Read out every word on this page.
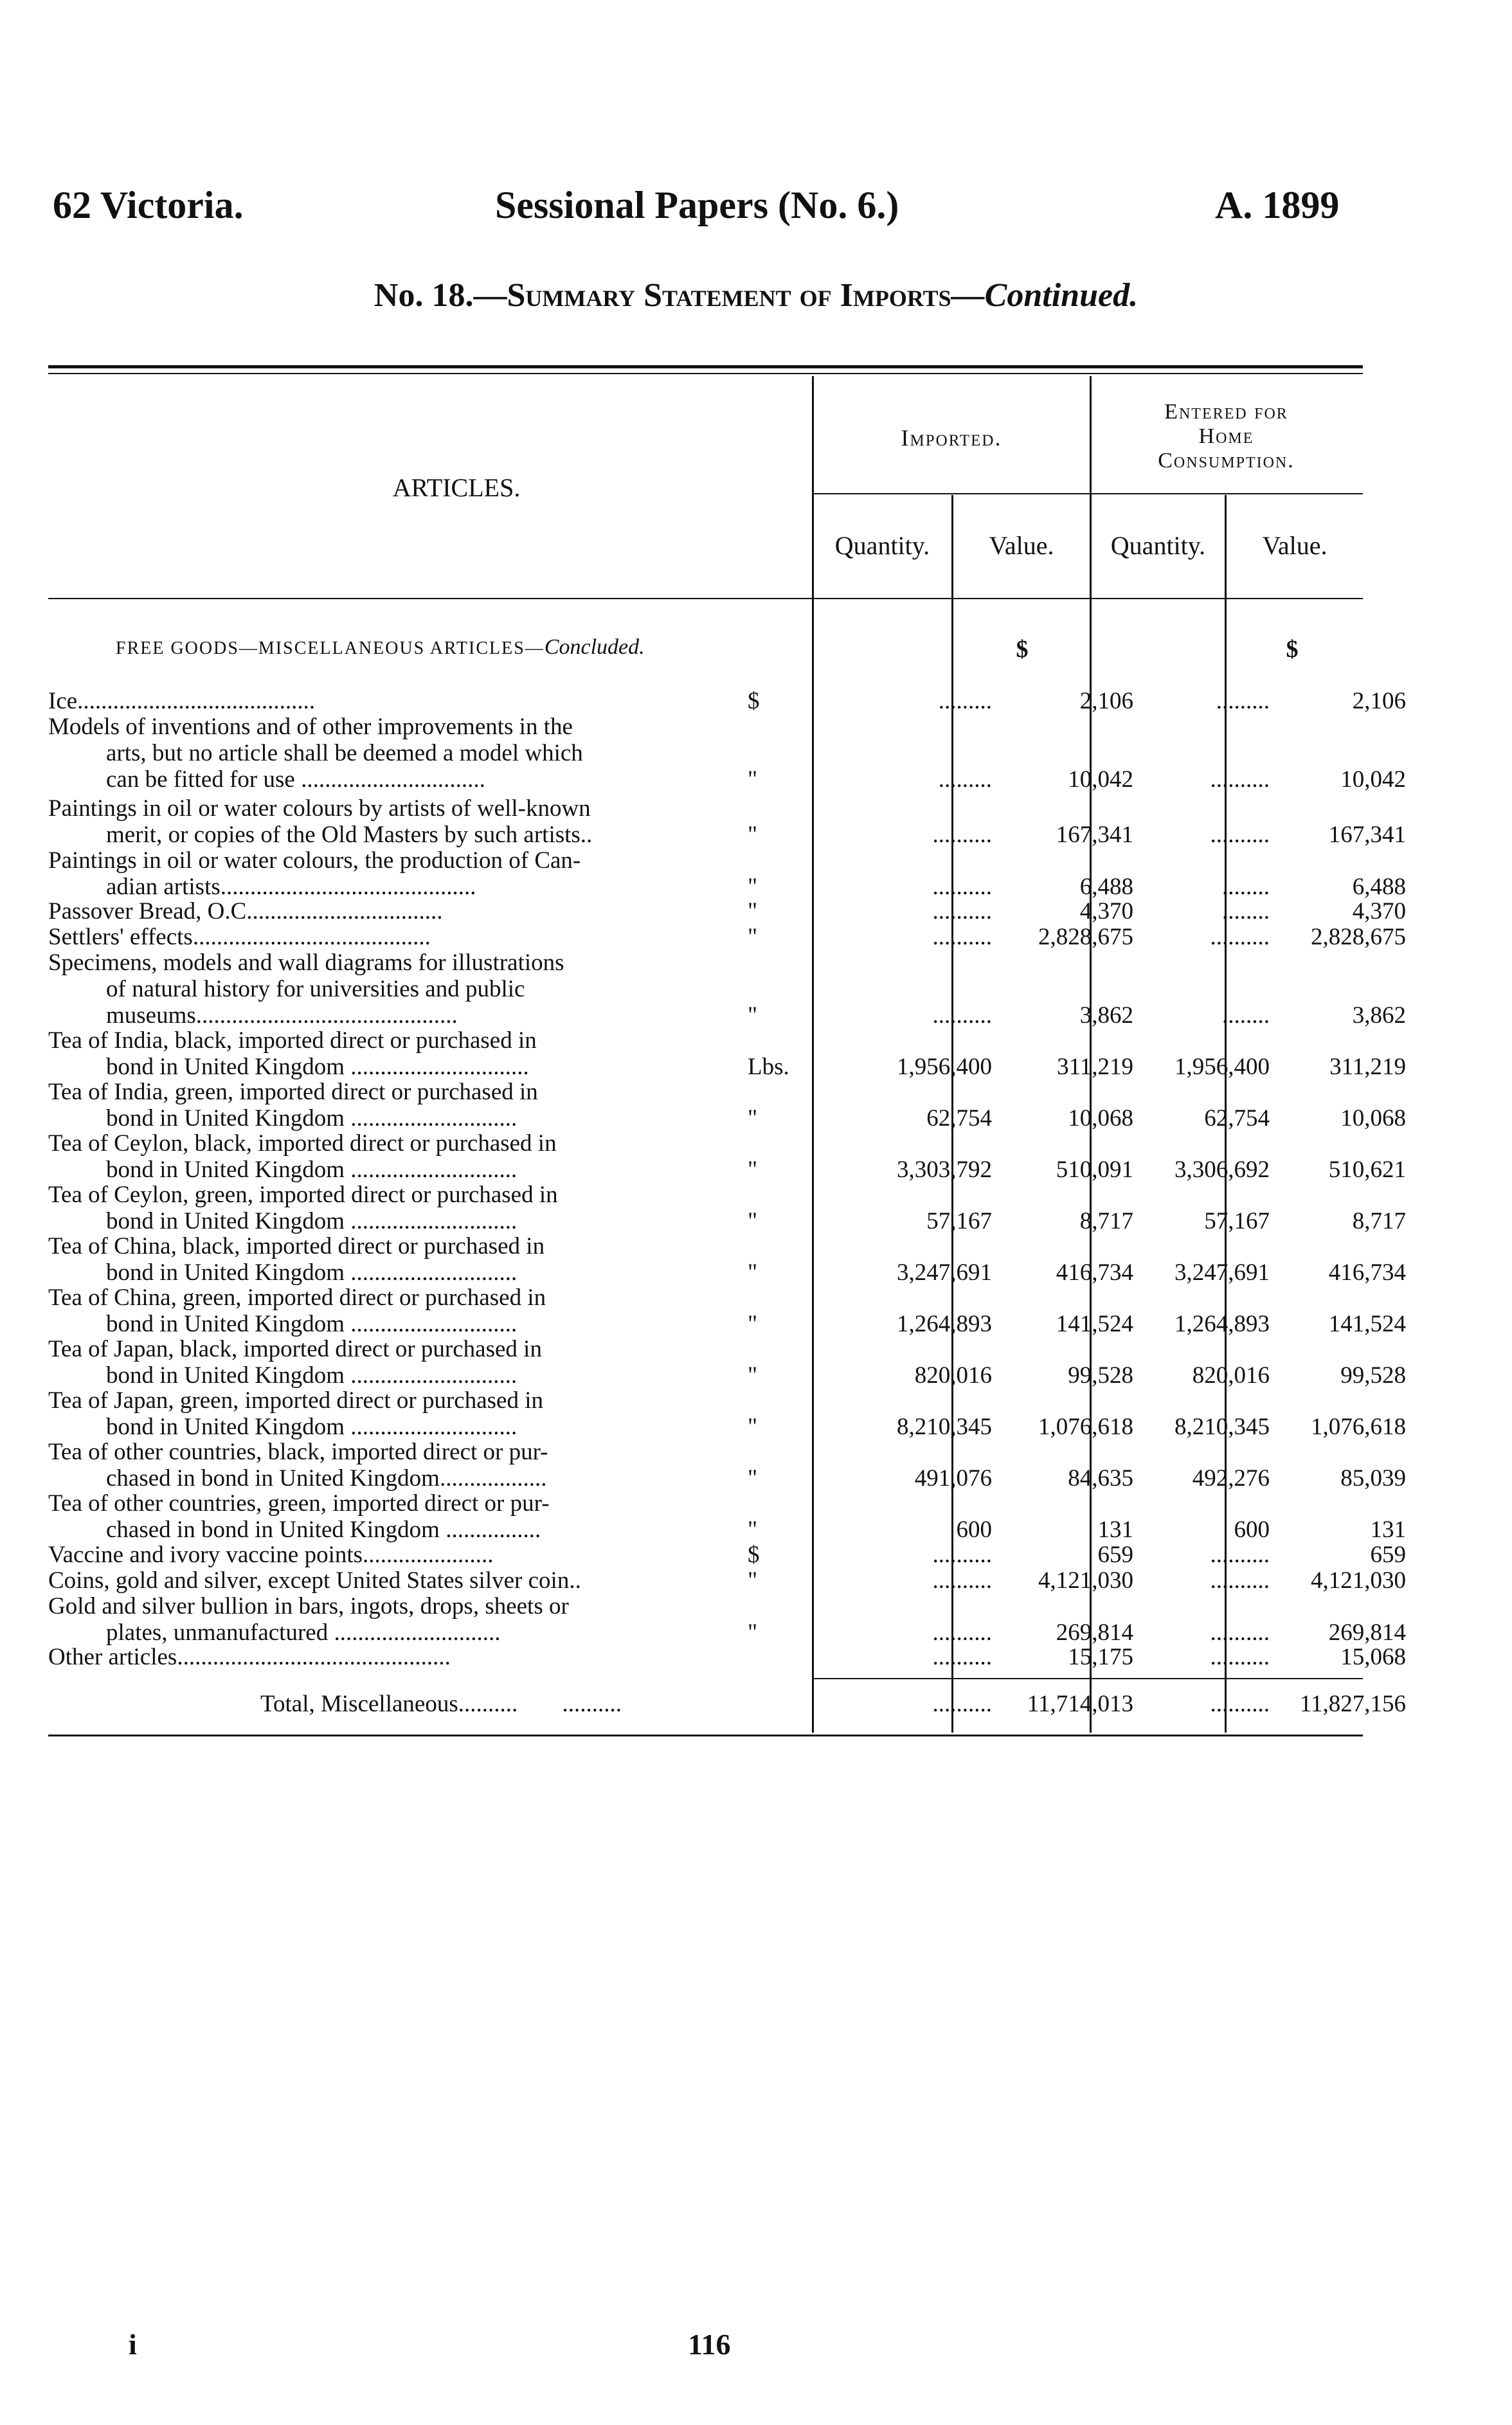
62 Victoria.	Sessional Papers (No. 6.)	A. 1899
No. 18.—Summary Statement of Imports—Continued.
ARTICLES.
Imported.
Entered for
Home
Consumption.
Quantity.	Value.	Quantity.	Value.
FREE GOODS—MISCELLANEOUS ARTICLES—Concluded.	$	$
Ice........................................	$	.........	2,106	.........	2,106
Models of inventions and of other improvements in the
arts, but no article shall be deemed a model which
can be fitted for use ...............................	"	.........	10,042	..........	10,042
Paintings in oil or water colours by artists of well-known
merit, or copies of the Old Masters by such artists..	"	..........	167,341	..........	167,341
Paintings in oil or water colours, the production of Can-
adian artists...........................................	"	..........	6,488	........	6,488
Passover Bread, O.C.................................	"	..........	4,370	........	4,370
Settlers' effects........................................	"	..........	2,828,675	..........	2,828,675
Specimens, models and wall diagrams for illustrations
of natural history for universities and public
museums............................................	"	..........	3,862	........	3,862
Tea of India, black, imported direct or purchased in
bond in United Kingdom ..............................	Lbs.	1,956,400	311,219	1,956,400	311,219
Tea of India, green, imported direct or purchased in
bond in United Kingdom ............................	"	62,754	10,068	62,754	10,068
Tea of Ceylon, black, imported direct or purchased in
bond in United Kingdom ............................	"	3,303,792	510,091	3,306,692	510,621
Tea of Ceylon, green, imported direct or purchased in
bond in United Kingdom ............................	"	57,167	8,717	57,167	8,717
Tea of China, black, imported direct or purchased in
bond in United Kingdom ............................	"	3,247,691	416,734	3,247,691	416,734
Tea of China, green, imported direct or purchased in
bond in United Kingdom ............................	"	1,264,893	141,524	1,264,893	141,524
Tea of Japan, black, imported direct or purchased in
bond in United Kingdom ............................	"	820,016	99,528	820,016	99,528
Tea of Japan, green, imported direct or purchased in
bond in United Kingdom ............................	"	8,210,345	1,076,618	8,210,345	1,076,618
Tea of other countries, black, imported direct or pur-
chased in bond in United Kingdom..................	"	491,076	84,635	492,276	85,039
Tea of other countries, green, imported direct or pur-
chased in bond in United Kingdom ................	"	600	131	600	131
Vaccine and ivory vaccine points......................	$	..........	659	..........	659
Coins, gold and silver, except United States silver coin..	"	..........	4,121,030	..........	4,121,030
Gold and silver bullion in bars, ingots, drops, sheets or
plates, unmanufactured ............................	"	..........	269,814	..........	269,814
Other articles..............................................	..........	15,175	..........	15,068
Total, Miscellaneous.......... ..........	..........	11,714,013	..........	11,827,156
i	116
